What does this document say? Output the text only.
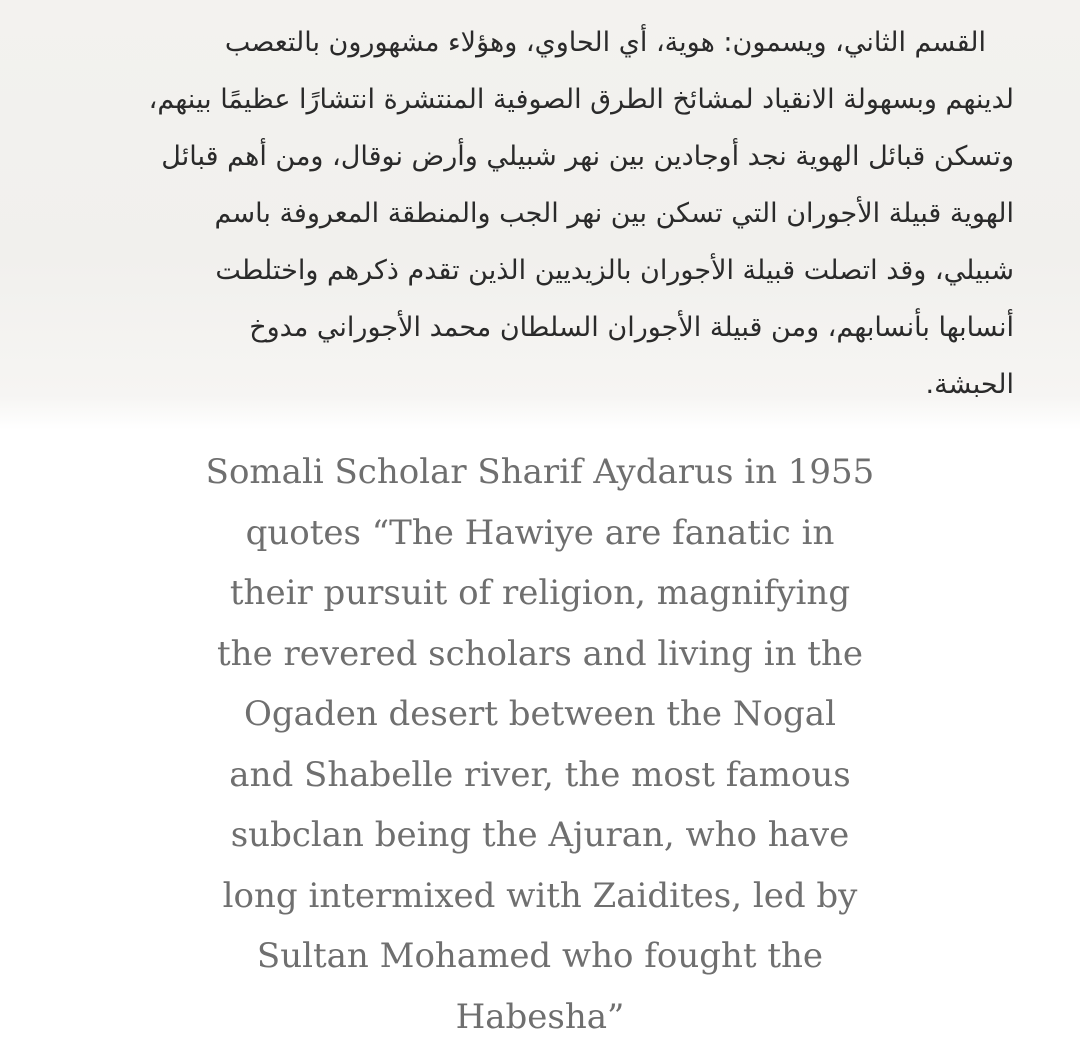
القسم الثاني، ويسمون: هوية، أي الحاوي، وهؤلاء مشهورون بالتعصب
لدينهم وبسهولة الانقياد لمشائخ الطرق الصوفية المنتشرة انتشارًا عظيمًا بينهم،
وتسكن قبائل الهوية نجد أوجادين بين نهر شبيلي وأرض نوقال، ومن أهم قبائل
الهوية قبيلة الأجوران التي تسكن بين نهر الجب والمنطقة المعروفة باسم
شبيلي، وقد اتصلت قبيلة الأجوران بالزيديين الذين تقدم ذكرهم واختلطت
أنسابها بأنسابهم، ومن قبيلة الأجوران السلطان محمد الأجوراني مدوخ
الحبشة.

Somali Scholar Sharif Aydarus in 1955
quotes “The Hawiye are fanatic in
their pursuit of religion, magnifying
the revered scholars and living in the
Ogaden desert between the Nogal
and Shabelle river, the most famous
subclan being the Ajuran, who have
long intermixed with Zaidites, led by
Sultan Mohamed who fought the
Habesha”
